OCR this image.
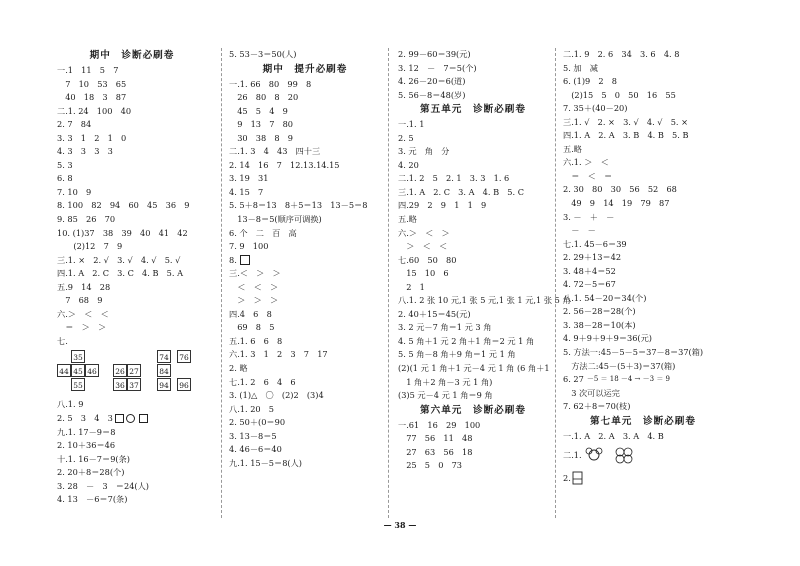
期中　诊断必刷卷
一.1　11　5　7
　7　10　53　65
　40　18　3　87
二.1. 24　100　40
2. 7　84
3. 3　1　2　1　0
4. 3　3　3　3
5. 3
6. 8
7. 10　9
8. 100　82　94　60　45　36　9
9. 85　26　70
10. (1)37　38　39　40　41　42
　　(2)12　7　9
三.1. ×　2. √　3. √　4. √　5. √
四.1. A　2. C　3. C　4. B　5. A
五.9　14　28
　7　68　9
六.＞　＜　＜
　＝　＞　＞
七.
35
44 45 46
55
26 27
36 37
74 76
84
94 96
八.1. 9
2. 5　3　4　3
九.1. 17－9＝8
2. 10＋36＝46
十.1. 16－7＝9(条)
2. 20＋8＝28(个)
3. 28　－　3　＝24(人)
4. 13　－6＝7(条)
5. 53－3＝50(人)
期中　提升必刷卷
一.1. 66　80　99　8
　26　80　8　20
　45　5　4　9
　9　13　7　80
　30　38　8　9
二.1. 3　4　43　四十三
2. 14　16　7　12.13.14.15
3. 19　31
4. 15　7
5. 5＋8＝13　8＋5＝13　13－5＝8
　13－8＝5(顺序可调换)
6. 个　二　百　高
7. 9　100
8.
三.＜　＞　＞
　＜　＜　＞
　＞　＞　＞
四.4　6　8
　69　8　5
五.1. 6　6　8
六.1. 3　1　2　3　7　17
2. 略
七.1. 2　6　4　6
3. (1)△　〇　(2)2　(3)4
八.1. 20　5
2. 50＋(0＝90
3. 13－8＝5
4. 46－6＝40
九.1. 15－5＝8(人)
2. 99－60＝39(元)
3. 12　－　7＝5(个)
4. 26－20＝6(道)
5. 56－8＝48(岁)
第五单元　诊断必刷卷
一.1. 1
2. 5
3. 元　角　分
4. 20
二.1. 2　5　2. 1　3. 3　1. 6
三.1. A　2. C　3. A　4. B　5. C
四.29　2　9　1　1　9
五.略
六.＞　＜　＞
　＞　＜　＜
七.60　50　80
　15　10　6
　2　1
八.1. 2 张 10 元,1 张 5 元,1 张 1 元,1 张 5 角
2. 40＋15＝45(元)
3. 2 元－7 角＝1 元 3 角
4. 5 角＋1 元 2 角＋1 角＝2 元 1 角
5. 5 角－8 角＋9 角＝1 元 1 角
(2)(1 元 1 角＋1 元－4 元 1 角 (6 角＋1
　1 角＋2 角－3 元 1 角)
(3)5 元－4 元 1 角＝9 角
第六单元　诊断必刷卷
一.61　16　29　100
　77　56　11　48
　27　63　56　18
　25　5　0　73
二.1. 9　2. 6　34　3. 6　4. 8
5. 加　减
6. (1)9　2　8
　(2)15　5　0　50　16　55
7. 35＋(40－20)
三.1. √　2. ×　3. √　4. √　5. ×
四.1. A　2. A　3. B　4. B　5. B
五.略
六.1. ＞　＜
　＝　＜　＝
2. 30　80　30　56　52　68
　49　9　14　19　79　87
3. －　＋　－
　－　－
七.1. 45－6＝39
2. 29＋13＝42
3. 48＋4＝52
4. 72－5＝67
八.1. 54－20＝34(个)
2. 56－28＝28(个)
3. 38－28＝10(本)
4. 9＋9＋9＋9＝36(元)
5. 方法一:45－5－5＝37－8＝37(箱)
　方法二:45－(5＋3)＝37(箱)
6. 27 －5 ＝ 18 －4 → －3 ＝ 9
　3 次可以运完
7. 62＋8＝70(枝)
第七单元　诊断必刷卷
一.1. A　2. A　3. A　4. B
二.1.
2.
— 38 —
